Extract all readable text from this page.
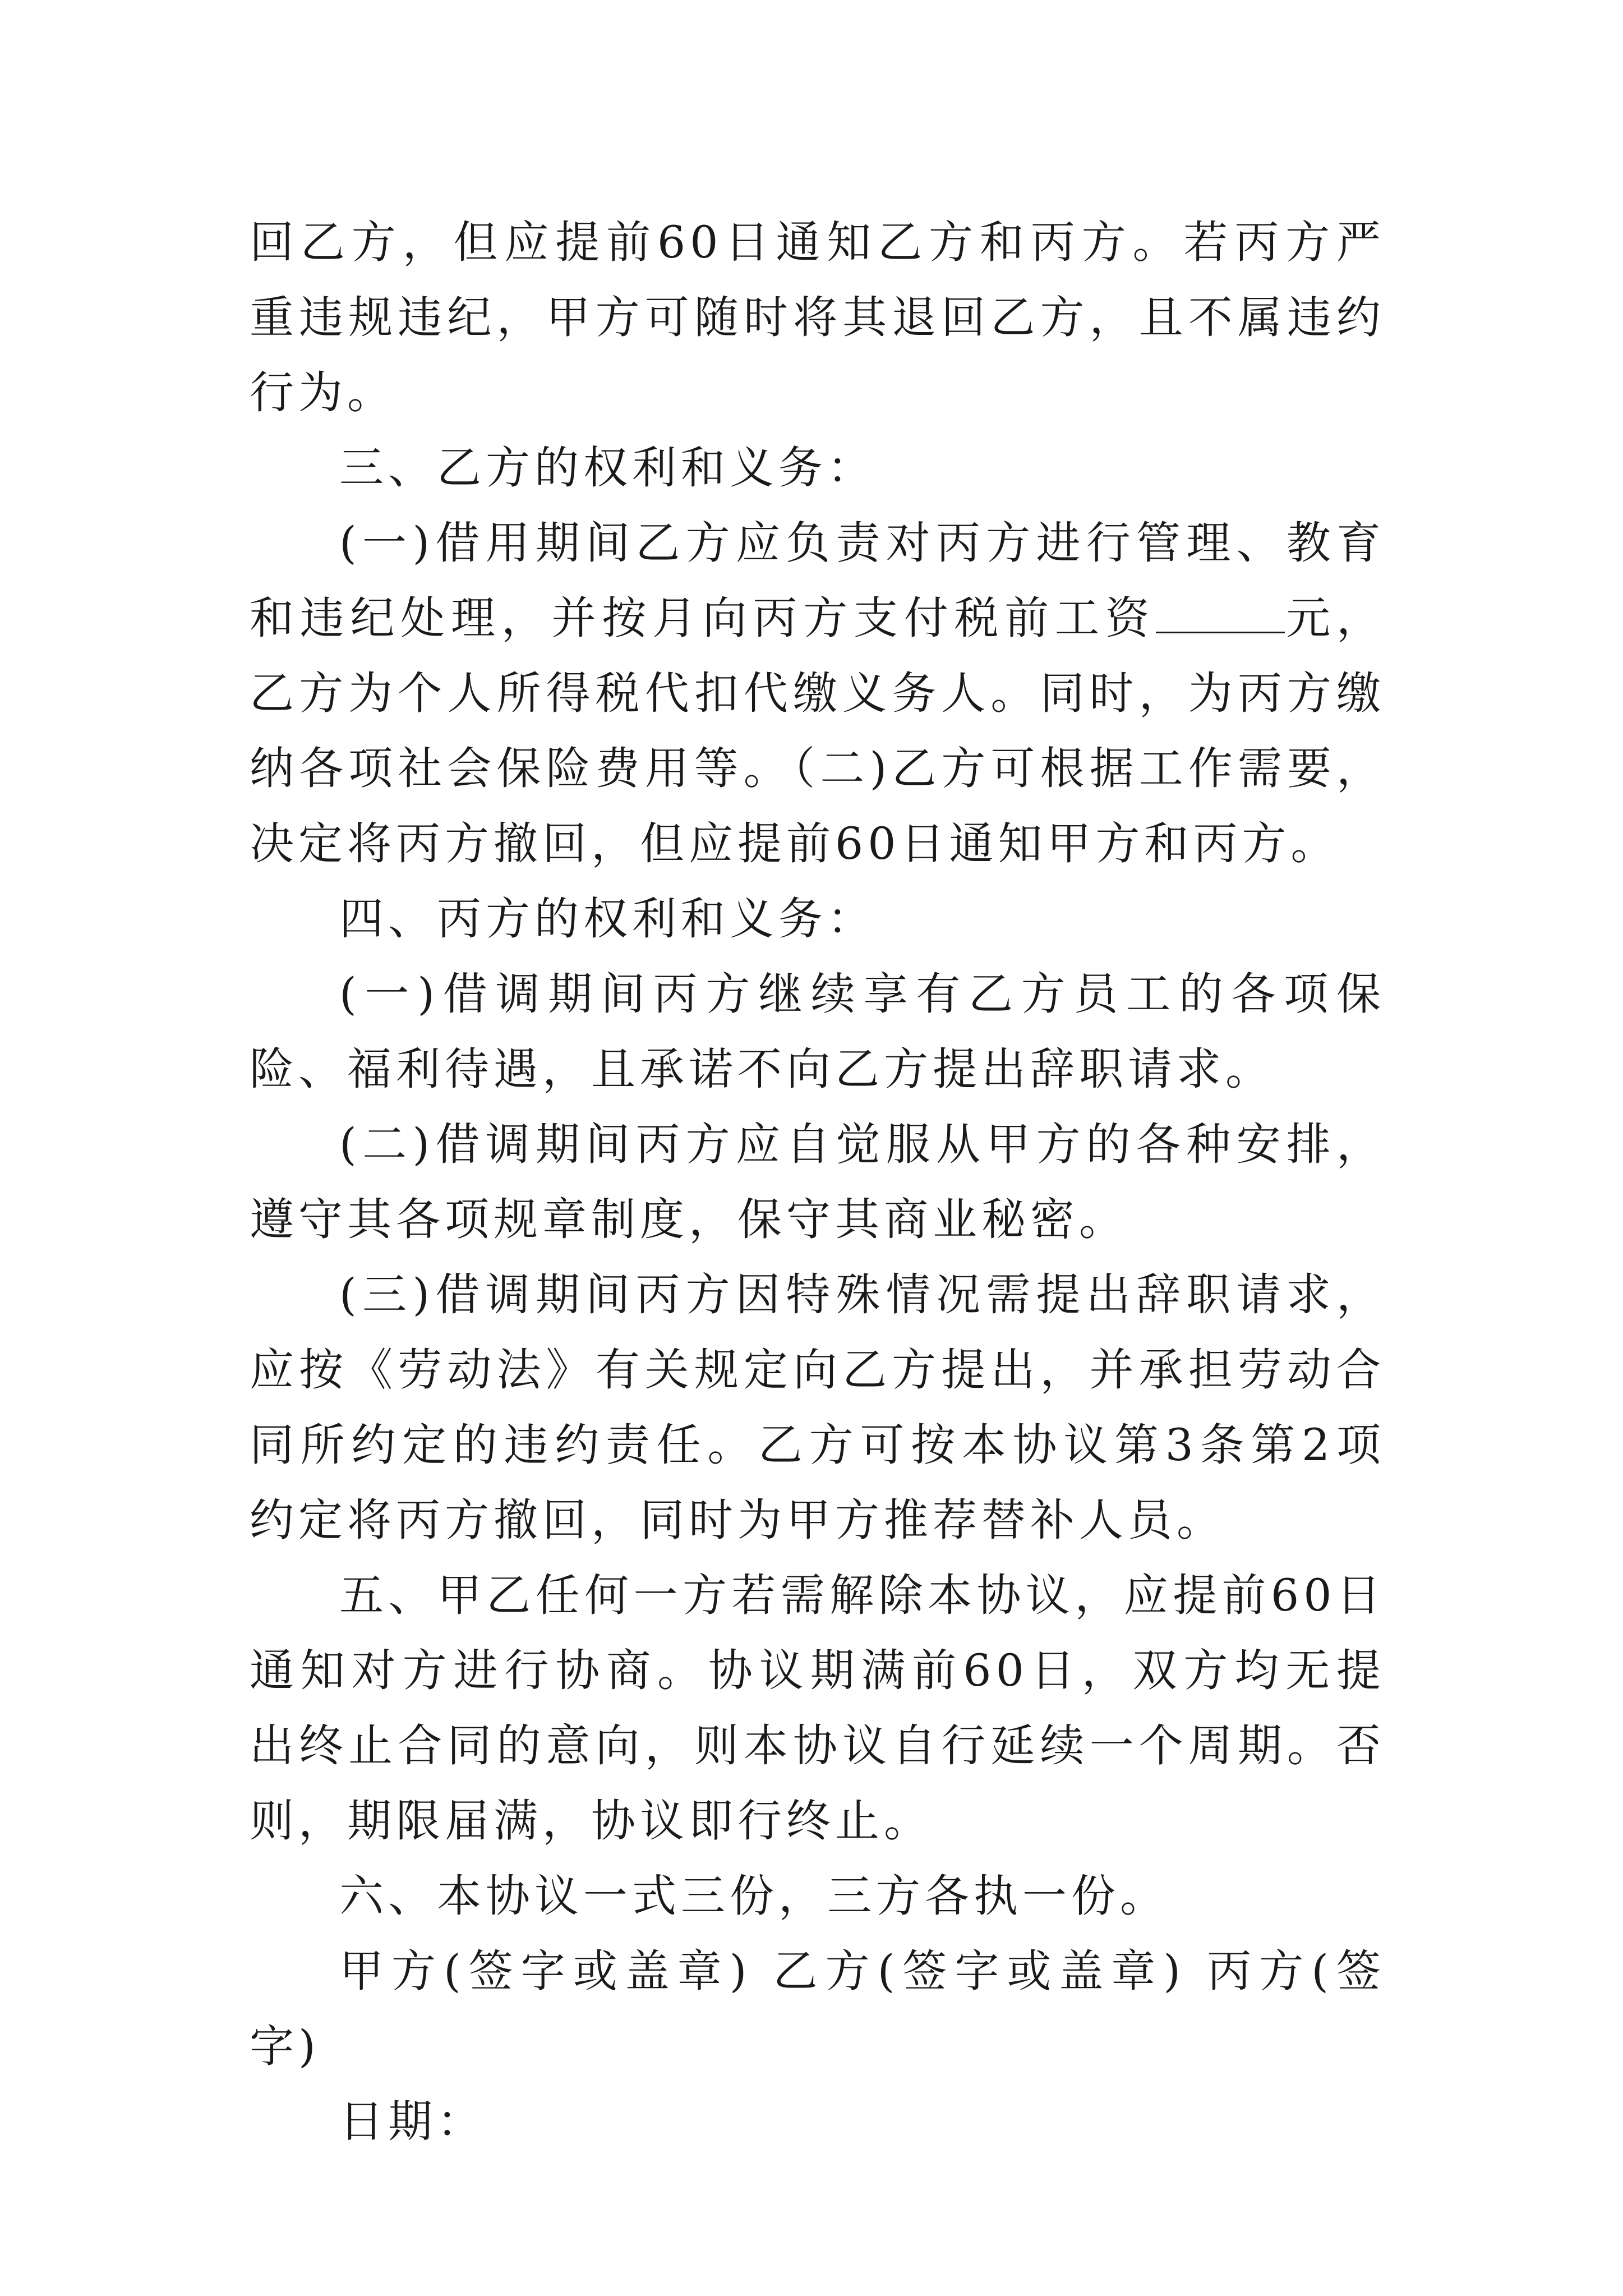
回乙方，但应提前60日通知乙方和丙方。若丙方严重违规违纪，甲方可随时将其退回乙方，且不属违约行为。

三、乙方的权利和义务：

(一)借用期间乙方应负责对丙方进行管理、教育和违纪处理，并按月向丙方支付税前工资	元，乙方为个人所得税代扣代缴义务人。同时，为丙方缴纳各项社会保险费用等。（二)乙方可根据工作需要，决定将丙方撤回，但应提前60日通知甲方和丙方。

四、丙方的权利和义务：

(一)借调期间丙方继续享有乙方员工的各项保险、福利待遇，且承诺不向乙方提出辞职请求。

(二)借调期间丙方应自觉服从甲方的各种安排，遵守其各项规章制度，保守其商业秘密。

(三)借调期间丙方因特殊情况需提出辞职请求，应按《劳动法》有关规定向乙方提出，并承担劳动合同所约定的违约责任。乙方可按本协议第3条第2项约定将丙方撤回，同时为甲方推荐替补人员。

五、甲乙任何一方若需解除本协议，应提前60日通知对方进行协商。协议期满前60日，双方均无提出终止合同的意向，则本协议自行延续一个周期。否则，期限届满，协议即行终止。

六、本协议一式三份，三方各执一份。

甲方(签字或盖章) 乙方(签字或盖章) 丙方(签字)

日期：
